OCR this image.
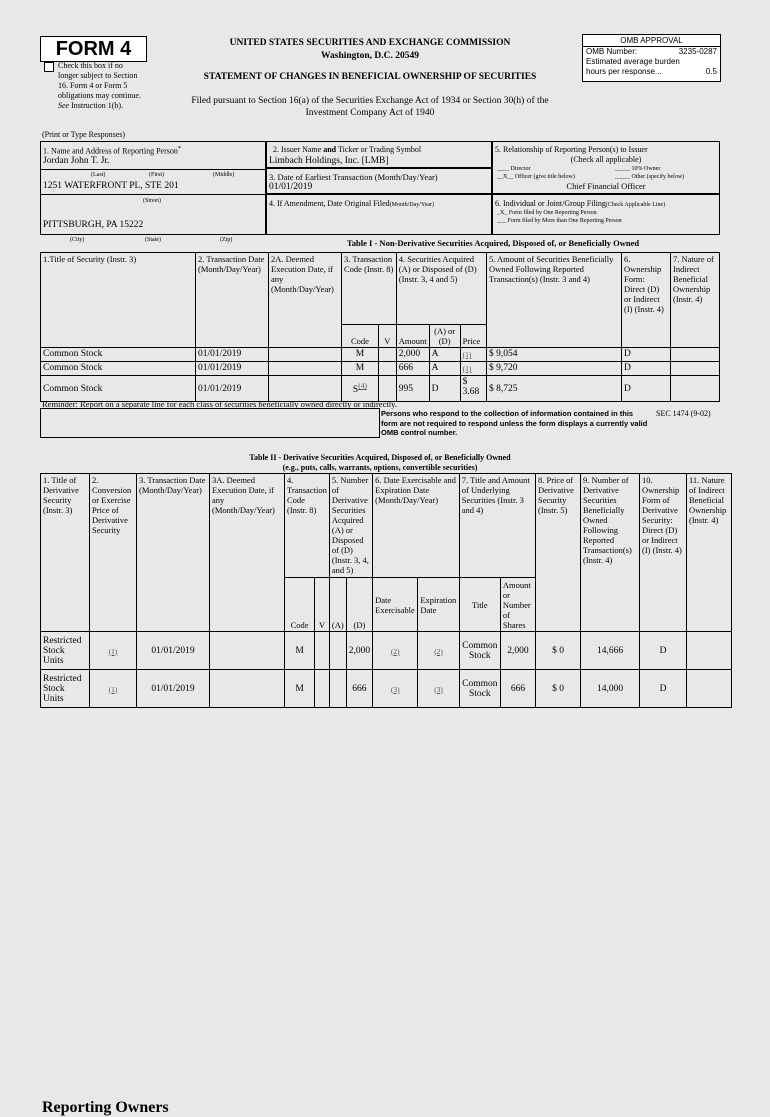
FORM 4
Check this box if no longer subject to Section 16. Form 4 or Form 5 obligations may continue. See Instruction 1(b).
UNITED STATES SECURITIES AND EXCHANGE COMMISSION
Washington, D.C. 20549
STATEMENT OF CHANGES IN BENEFICIAL OWNERSHIP OF SECURITIES
Filed pursuant to Section 16(a) of the Securities Exchange Act of 1934 or Section 30(h) of the
Investment Company Act of 1940
OMB APPROVAL
OMB Number:	3235-0287
Estimated average burden
hours per response...	0.5
(Print or Type Responses)
1. Name and Address of Reporting Person*
Jordan John T. Jr.
(Last)	(First)	(Middle)
1251 WATERFRONT PL, STE 201
(Street)
PITTSBURGH, PA 15222
(City)	(State)	(Zip)
2. Issuer Name and Ticker or Trading Symbol
Limbach Holdings, Inc. [LMB]
3. Date of Earliest Transaction (Month/Day/Year)
01/01/2019
4. If Amendment, Date Original Filed(Month/Day/Year)
5. Relationship of Reporting Person(s) to Issuer
(Check all applicable)
____ Director	_____ 10% Owner
__X__ Officer (give title below)	_____ Other (specify below)
Chief Financial Officer
6. Individual or Joint/Group Filing(Check Applicable Line)
_X_ Form filed by One Reporting Person
___ Form filed by More than One Reporting Person
Table I - Non-Derivative Securities Acquired, Disposed of, or Beneficially Owned
1.Title of Security (Instr. 3)	2. Transaction Date (Month/Day/Year)	2A. Deemed Execution Date, if any (Month/Day/Year)	3. Transaction Code (Instr. 8)		4. Securities Acquired (A) or Disposed of (D) (Instr. 3, 4 and 5)			5. Amount of Securities Beneficially Owned Following Reported Transaction(s) (Instr. 3 and 4)	6. Ownership Form: Direct (D) or Indirect (I) (Instr. 4)	7. Nature of Indirect Beneficial Ownership (Instr. 4)
			Code	V	Amount	(A) or (D)	Price			
Common Stock	01/01/2019		M		2,000	A	(1)	$ 9,054	D	
Common Stock	01/01/2019		M		666	A	(1)	$ 9,720	D	
Common Stock	01/01/2019		$S^{(4)}$		995	D	$ 3.68	$ 8,725	D	
Reminder: Report on a separate line for each class of securities beneficially owned directly or indirectly.
Persons who respond to the collection of information contained in this form are not required to respond unless the form displays a currently valid OMB control number.
SEC 1474 (9-02)
Table II - Derivative Securities Acquired, Disposed of, or Beneficially Owned
(e.g., puts, calls, warrants, options, convertible securities)
1. Title of Derivative Security (Instr. 3)	2. Conversion or Exercise Price of Derivative Security	3. Transaction Date (Month/Day/Year)	3A. Deemed Execution Date, if any (Month/Day/Year)	4. Transaction Code (Instr. 8)		5. Number of Derivative Securities Acquired (A) or Disposed of (D) (Instr. 3, 4, and 5)		6. Date Exercisable and Expiration Date (Month/Day/Year)		7. Title and Amount of Underlying Securities (Instr. 3 and 4)		8. Price of Derivative Security (Instr. 5)	9. Number of Derivative Securities Beneficially Owned Following Reported Transaction(s) (Instr. 4)	10. Ownership Form of Derivative Security: Direct (D) or Indirect (I) (Instr. 4)	11. Nature of Indirect Beneficial Ownership (Instr. 4)
				Code	V	(A)	(D)	Date Exercisable	Expiration Date	Title	Amount or Number of Shares				
Restricted Stock Units	(1)	01/01/2019		M			2,000	(2)	(2)	Common Stock	2,000	$ 0	14,666	D	
Restricted Stock Units	(1)	01/01/2019		M			666	(3)	(3)	Common Stock	666	$ 0	14,000	D	
Reporting Owners
